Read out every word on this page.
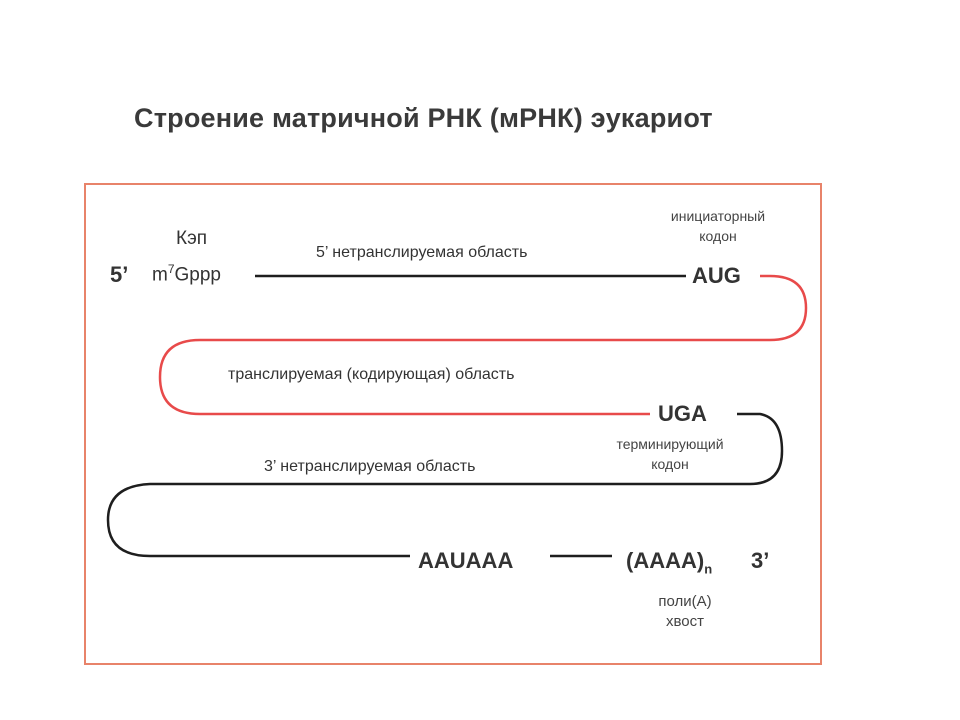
Строение матричной РНК (мРНК) эукариот
5’
Кэп
$m^7Gppp$
5’ нетранслируемая область
инициаторный
кодон
AUG
транслируемая (кодирующая) область
UGA
терминирующий
кодон
3’ нетранслируемая область
AAUAAA	$(AAAA)_n$ 3’
поли(A)
хвост
